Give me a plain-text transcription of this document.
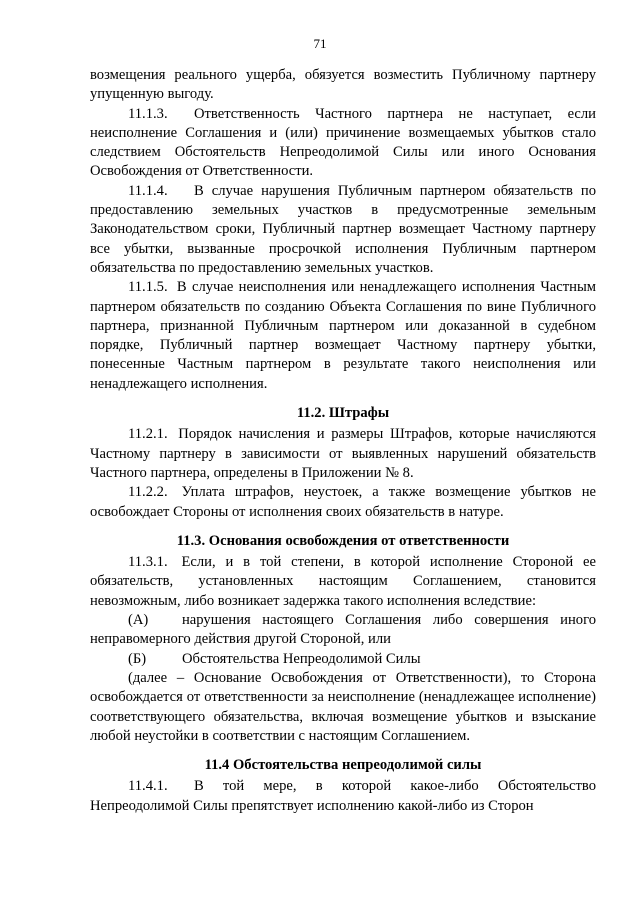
71

возмещения реального ущерба, обязуется возместить Публичному партнеру упущенную выгоду.

11.1.3. Ответственность Частного партнера не наступает, если неисполнение Соглашения и (или) причинение возмещаемых убытков стало следствием Обстоятельств Непреодолимой Силы или иного Основания Освобождения от Ответственности.

11.1.4. В случае нарушения Публичным партнером обязательств по предоставлению земельных участков в предусмотренные земельным Законодательством сроки, Публичный партнер возмещает Частному партнеру все убытки, вызванные просрочкой исполнения Публичным партнером обязательства по предоставлению земельных участков.

11.1.5. В случае неисполнения или ненадлежащего исполнения Частным партнером обязательств по созданию Объекта Соглашения по вине Публичного партнера, признанной Публичным партнером или доказанной в судебном порядке, Публичный партнер возмещает Частному партнеру убытки, понесенные Частным партнером в результате такого неисполнения или ненадлежащего исполнения.

11.2. Штрафы

11.2.1. Порядок начисления и размеры Штрафов, которые начисляются Частному партнеру в зависимости от выявленных нарушений обязательств Частного партнера, определены в Приложении № 8.

11.2.2. Уплата штрафов, неустоек, а также возмещение убытков не освобождает Стороны от исполнения своих обязательств в натуре.

11.3. Основания освобождения от ответственности

11.3.1. Если, и в той степени, в которой исполнение Стороной ее обязательств, установленных настоящим Соглашением, становится невозможным, либо возникает задержка такого исполнения вследствие:

(А) нарушения настоящего Соглашения либо совершения иного неправомерного действия другой Стороной, или

(Б) Обстоятельства Непреодолимой Силы

(далее – Основание Освобождения от Ответственности), то Сторона освобождается от ответственности за неисполнение (ненадлежащее исполнение) соответствующего обязательства, включая возмещение убытков и взыскание любой неустойки в соответствии с настоящим Соглашением.

11.4 Обстоятельства непреодолимой силы

11.4.1. В той мере, в которой какое-либо Обстоятельство Непреодолимой Силы препятствует исполнению какой-либо из Сторон
